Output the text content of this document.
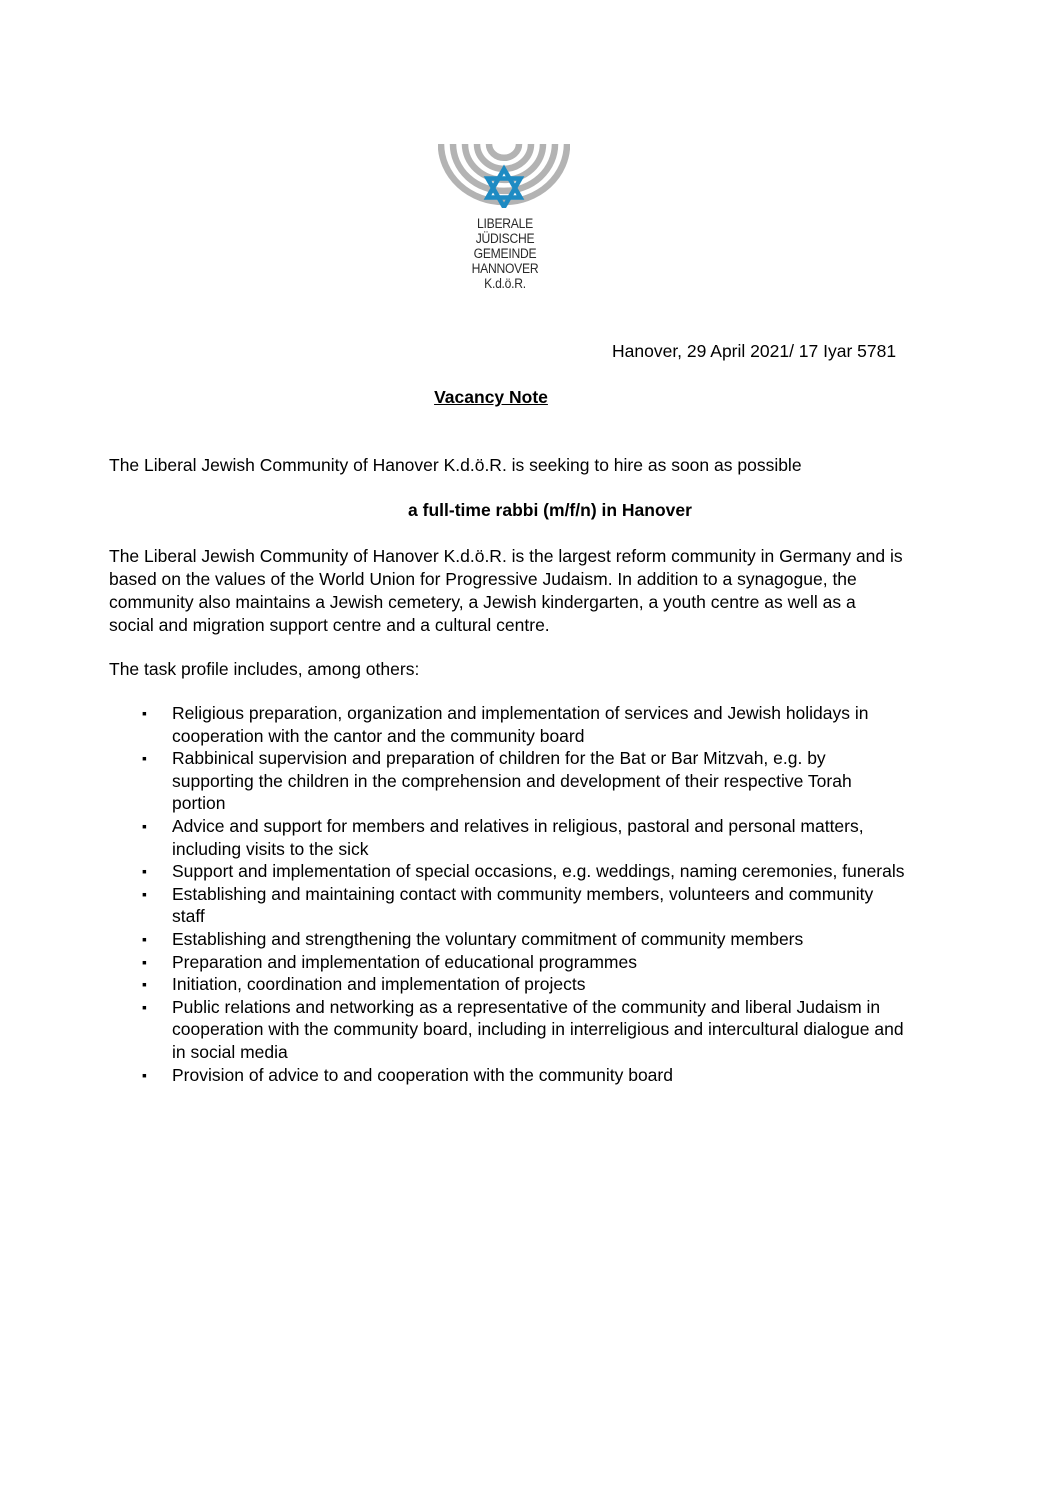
LIBERALE
JÜDISCHE
GEMEINDE
HANNOVER
K.d.ö.R.
Hanover, 29 April 2021/ 17 Iyar 5781
Vacancy Note
The Liberal Jewish Community of Hanover K.d.ö.R. is seeking to hire as soon as possible
a full-time rabbi (m/f/n) in Hanover
The Liberal Jewish Community of Hanover K.d.ö.R. is the largest reform community in Germany and is
based on the values of the World Union for Progressive Judaism. In addition to a synagogue, the
community also maintains a Jewish cemetery, a Jewish kindergarten, a youth centre as well as a
social and migration support centre and a cultural centre.
The task profile includes, among others:
▪ Religious preparation, organization and implementation of services and Jewish holidays in
cooperation with the cantor and the community board
▪ Rabbinical supervision and preparation of children for the Bat or Bar Mitzvah, e.g. by
supporting the children in the comprehension and development of their respective Torah
portion
▪ Advice and support for members and relatives in religious, pastoral and personal matters,
including visits to the sick
▪ Support and implementation of special occasions, e.g. weddings, naming ceremonies, funerals
▪ Establishing and maintaining contact with community members, volunteers and community
staff
▪ Establishing and strengthening the voluntary commitment of community members
▪ Preparation and implementation of educational programmes
▪ Initiation, coordination and implementation of projects
▪ Public relations and networking as a representative of the community and liberal Judaism in
cooperation with the community board, including in interreligious and intercultural dialogue and
in social media
▪ Provision of advice to and cooperation with the community board
